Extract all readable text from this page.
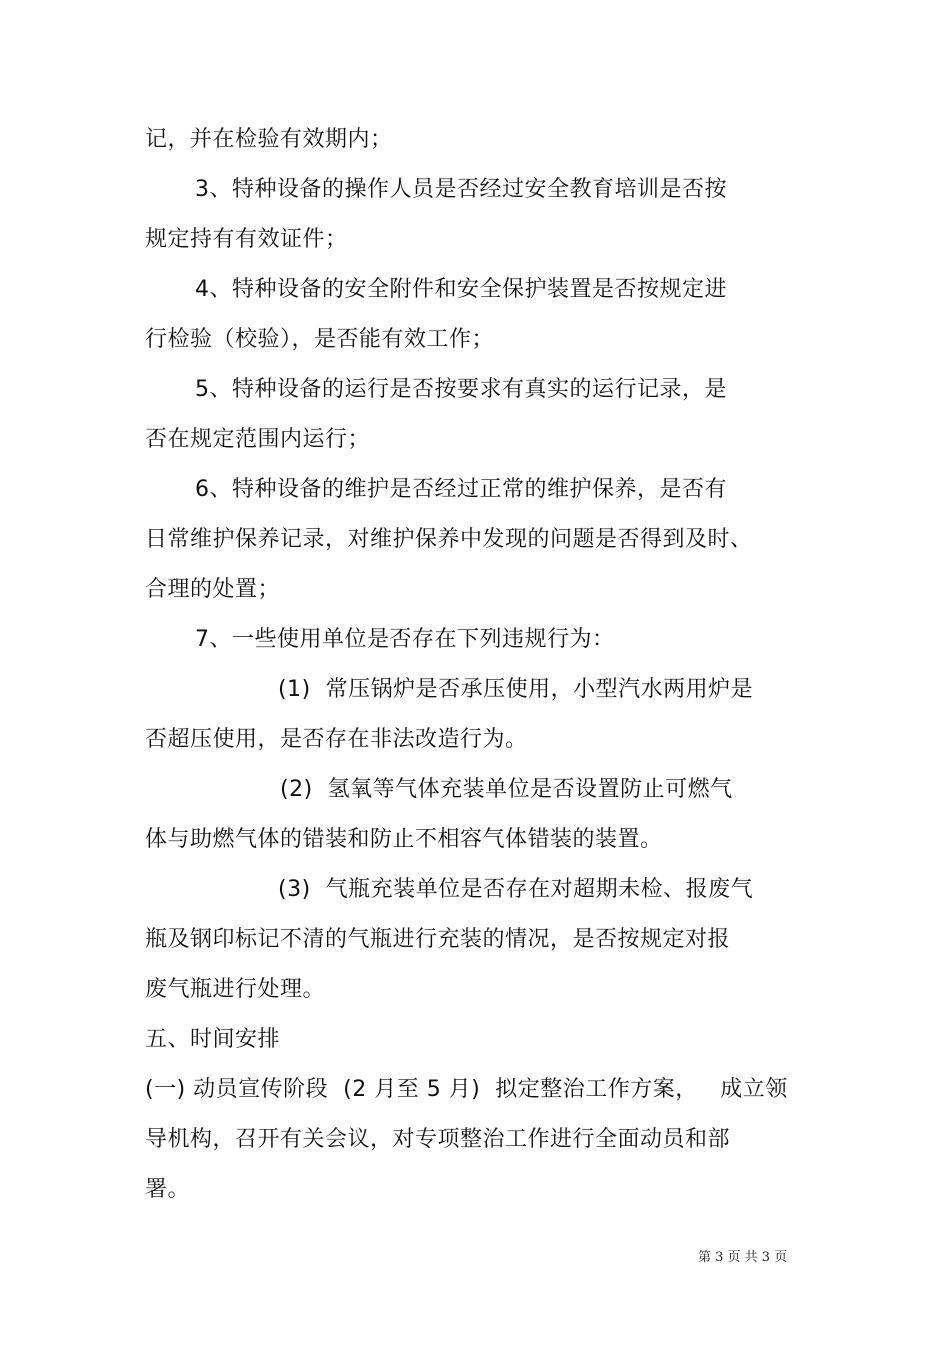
记，并在检验有效期内；
3、特种设备的操作人员是否经过安全教育培训是否按
规定持有有效证件；
4、特种设备的安全附件和安全保护装置是否按规定进
行检验（校验），是否能有效工作；
5、特种设备的运行是否按要求有真实的运行记录，是
否在规定范围内运行；
6、特种设备的维护是否经过正常的维护保养，是否有
日常维护保养记录，对维护保养中发现的问题是否得到及时、
合理的处置；
7、一些使用单位是否存在下列违规行为：
(1)  常压锅炉是否承压使用，小型汽水两用炉是
否超压使用，是否存在非法改造行为。
(2)  氢氧等气体充装单位是否设置防止可燃气
体与助燃气体的错装和防止不相容气体错装的装置。
(3)  气瓶充装单位是否存在对超期未检、报废气
瓶及钢印标记不清的气瓶进行充装的情况，是否按规定对报
废气瓶进行处理。
五、时间安排
(一) 动员宣传阶段  (2 月至 5 月)  拟定整治工作方案，   成立领
导机构，召开有关会议，对专项整治工作进行全面动员和部
署。
第 3 页 共 3 页
